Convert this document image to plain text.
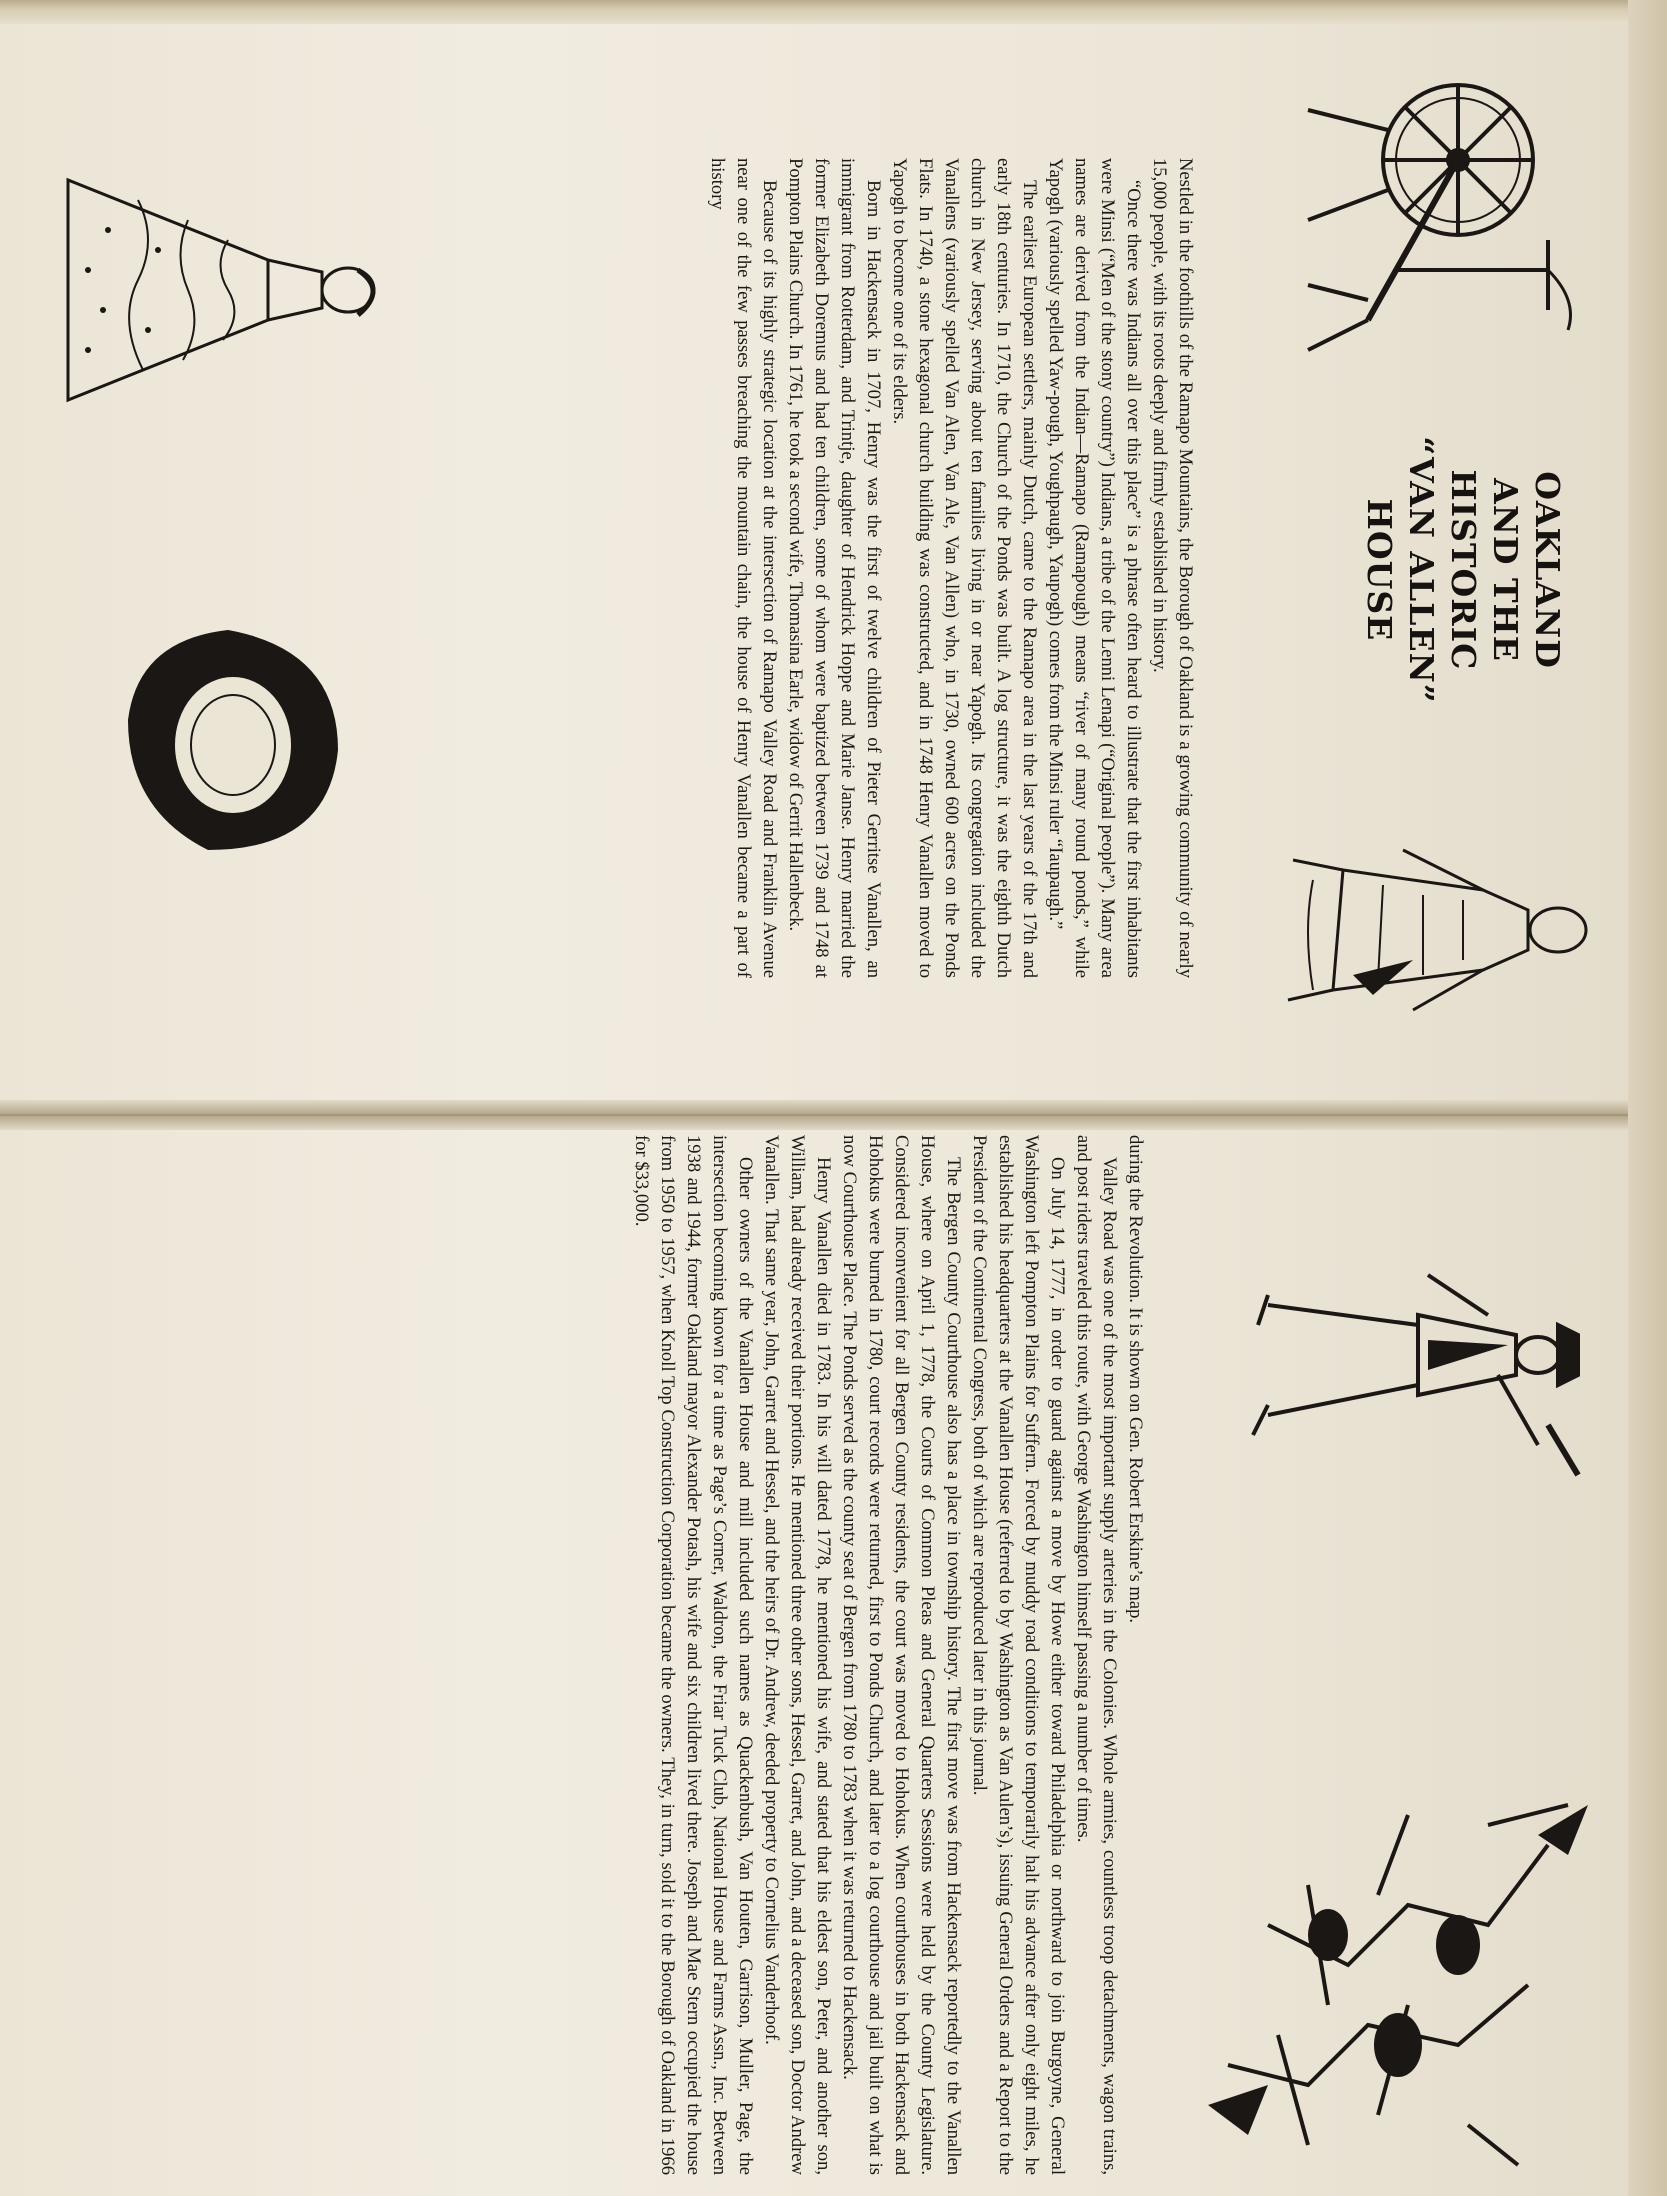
OAKLAND
AND THE HISTORIC
“VAN ALLEN”
HOUSE

Nestled in the foothills of the Ramapo Mountains, the Borough of Oakland is a growing community of nearly 15,000 people, with its roots deeply and firmly established in history.

“Once there was Indians all over this place” is a phrase often heard to illustrate that the first inhabitants were Minsi (“Men of the stony country”) Indians, a tribe of the Lenni Lenapi (“Original people”). Many area names are derived from the Indian—Ramapo (Ramapough) means “river of many round ponds,” while Yapogh (variously spelled Yaw-pough, Youghpaugh, Yaupogh) comes from the Minsi ruler “Iaupaugh.”

The earliest European settlers, mainly Dutch, came to the Ramapo area in the last years of the 17th and early 18th centuries. In 1710, the Church of the Ponds was built. A log structure, it was the eighth Dutch church in New Jersey, serving about ten families living in or near Yapogh. Its congregation included the Vanallens (variously spelled Van Alen, Van Ale, Van Allen) who, in 1730, owned 600 acres on the Ponds Flats. In 1740, a stone hexagonal church building was constructed, and in 1748 Henry Vanallen moved to Yapogh to become one of its elders.

Born in Hackensack in 1707, Henry was the first of twelve children of Pieter Gerritse Vanallen, an immigrant from Rotterdam, and Trintje, daughter of Hendrick Hoppe and Marie Janse. Henry married the former Elizabeth Doremus and had ten children, some of whom were baptized between 1739 and 1748 at Pompton Plains Church. In 1761, he took a second wife, Thomasina Earle, widow of Gerrit Hallenbeck.

Because of its highly strategic location at the intersection of Ramapo Valley Road and Franklin Avenue near one of the few passes breaching the mountain chain, the house of Henry Vanallen became a part of history

during the Revolution. It is shown on Gen. Robert Erskine’s map.

Valley Road was one of the most important supply arteries in the Colonies. Whole armies, countless troop detachments, wagon trains, and post riders traveled this route, with George Washington himself passing a number of times.

On July 14, 1777, in order to guard against a move by Howe either toward Philadelphia or northward to join Burgoyne, General Washington left Pompton Plains for Suffern. Forced by muddy road conditions to temporarily halt his advance after only eight miles, he established his headquarters at the Vanallen House (referred to by Washington as Van Aulen’s), issuing General Orders and a Report to the President of the Continental Congress, both of which are reproduced later in this journal.

The Bergen County Courthouse also has a place in township history. The first move was from Hackensack reportedly to the Vanallen House, where on April 1, 1778, the Courts of Common Pleas and General Quarters Sessions were held by the County Legislature. Considered inconvenient for all Bergen County residents, the court was moved to Hohokus. When courthouses in both Hackensack and Hohokus were burned in 1780, court records were returned, first to Ponds Church, and later to a log courthouse and jail built on what is now Courthouse Place. The Ponds served as the county seat of Bergen from 1780 to 1783 when it was returned to Hackensack.

Henry Vanallen died in 1783. In his will dated 1778, he mentioned his wife, and stated that his eldest son, Peter, and another son, William, had already received their portions. He mentioned three other sons, Hessel, Garret, and John, and a deceased son, Doctor Andrew Vanallen. That same year, John, Garret and Hessel, and the heirs of Dr. Andrew, deeded property to Cornelius Vanderhoof.

Other owners of the Vanallen House and mill included such names as Quackenbush, Van Houten, Garrison, Muller, Page, the intersection becoming known for a time as Page’s Corner, Waldron, the Friar Tuck Club, National House and Farms Assn., Inc. Between 1938 and 1944, former Oakland mayor Alexander Potash, his wife and six children lived there. Joseph and Mae Stern occupied the house from 1950 to 1957, when Knoll Top Construction Corporation became the owners. They, in turn, sold it to the Borough of Oakland in 1966 for $33,000.
